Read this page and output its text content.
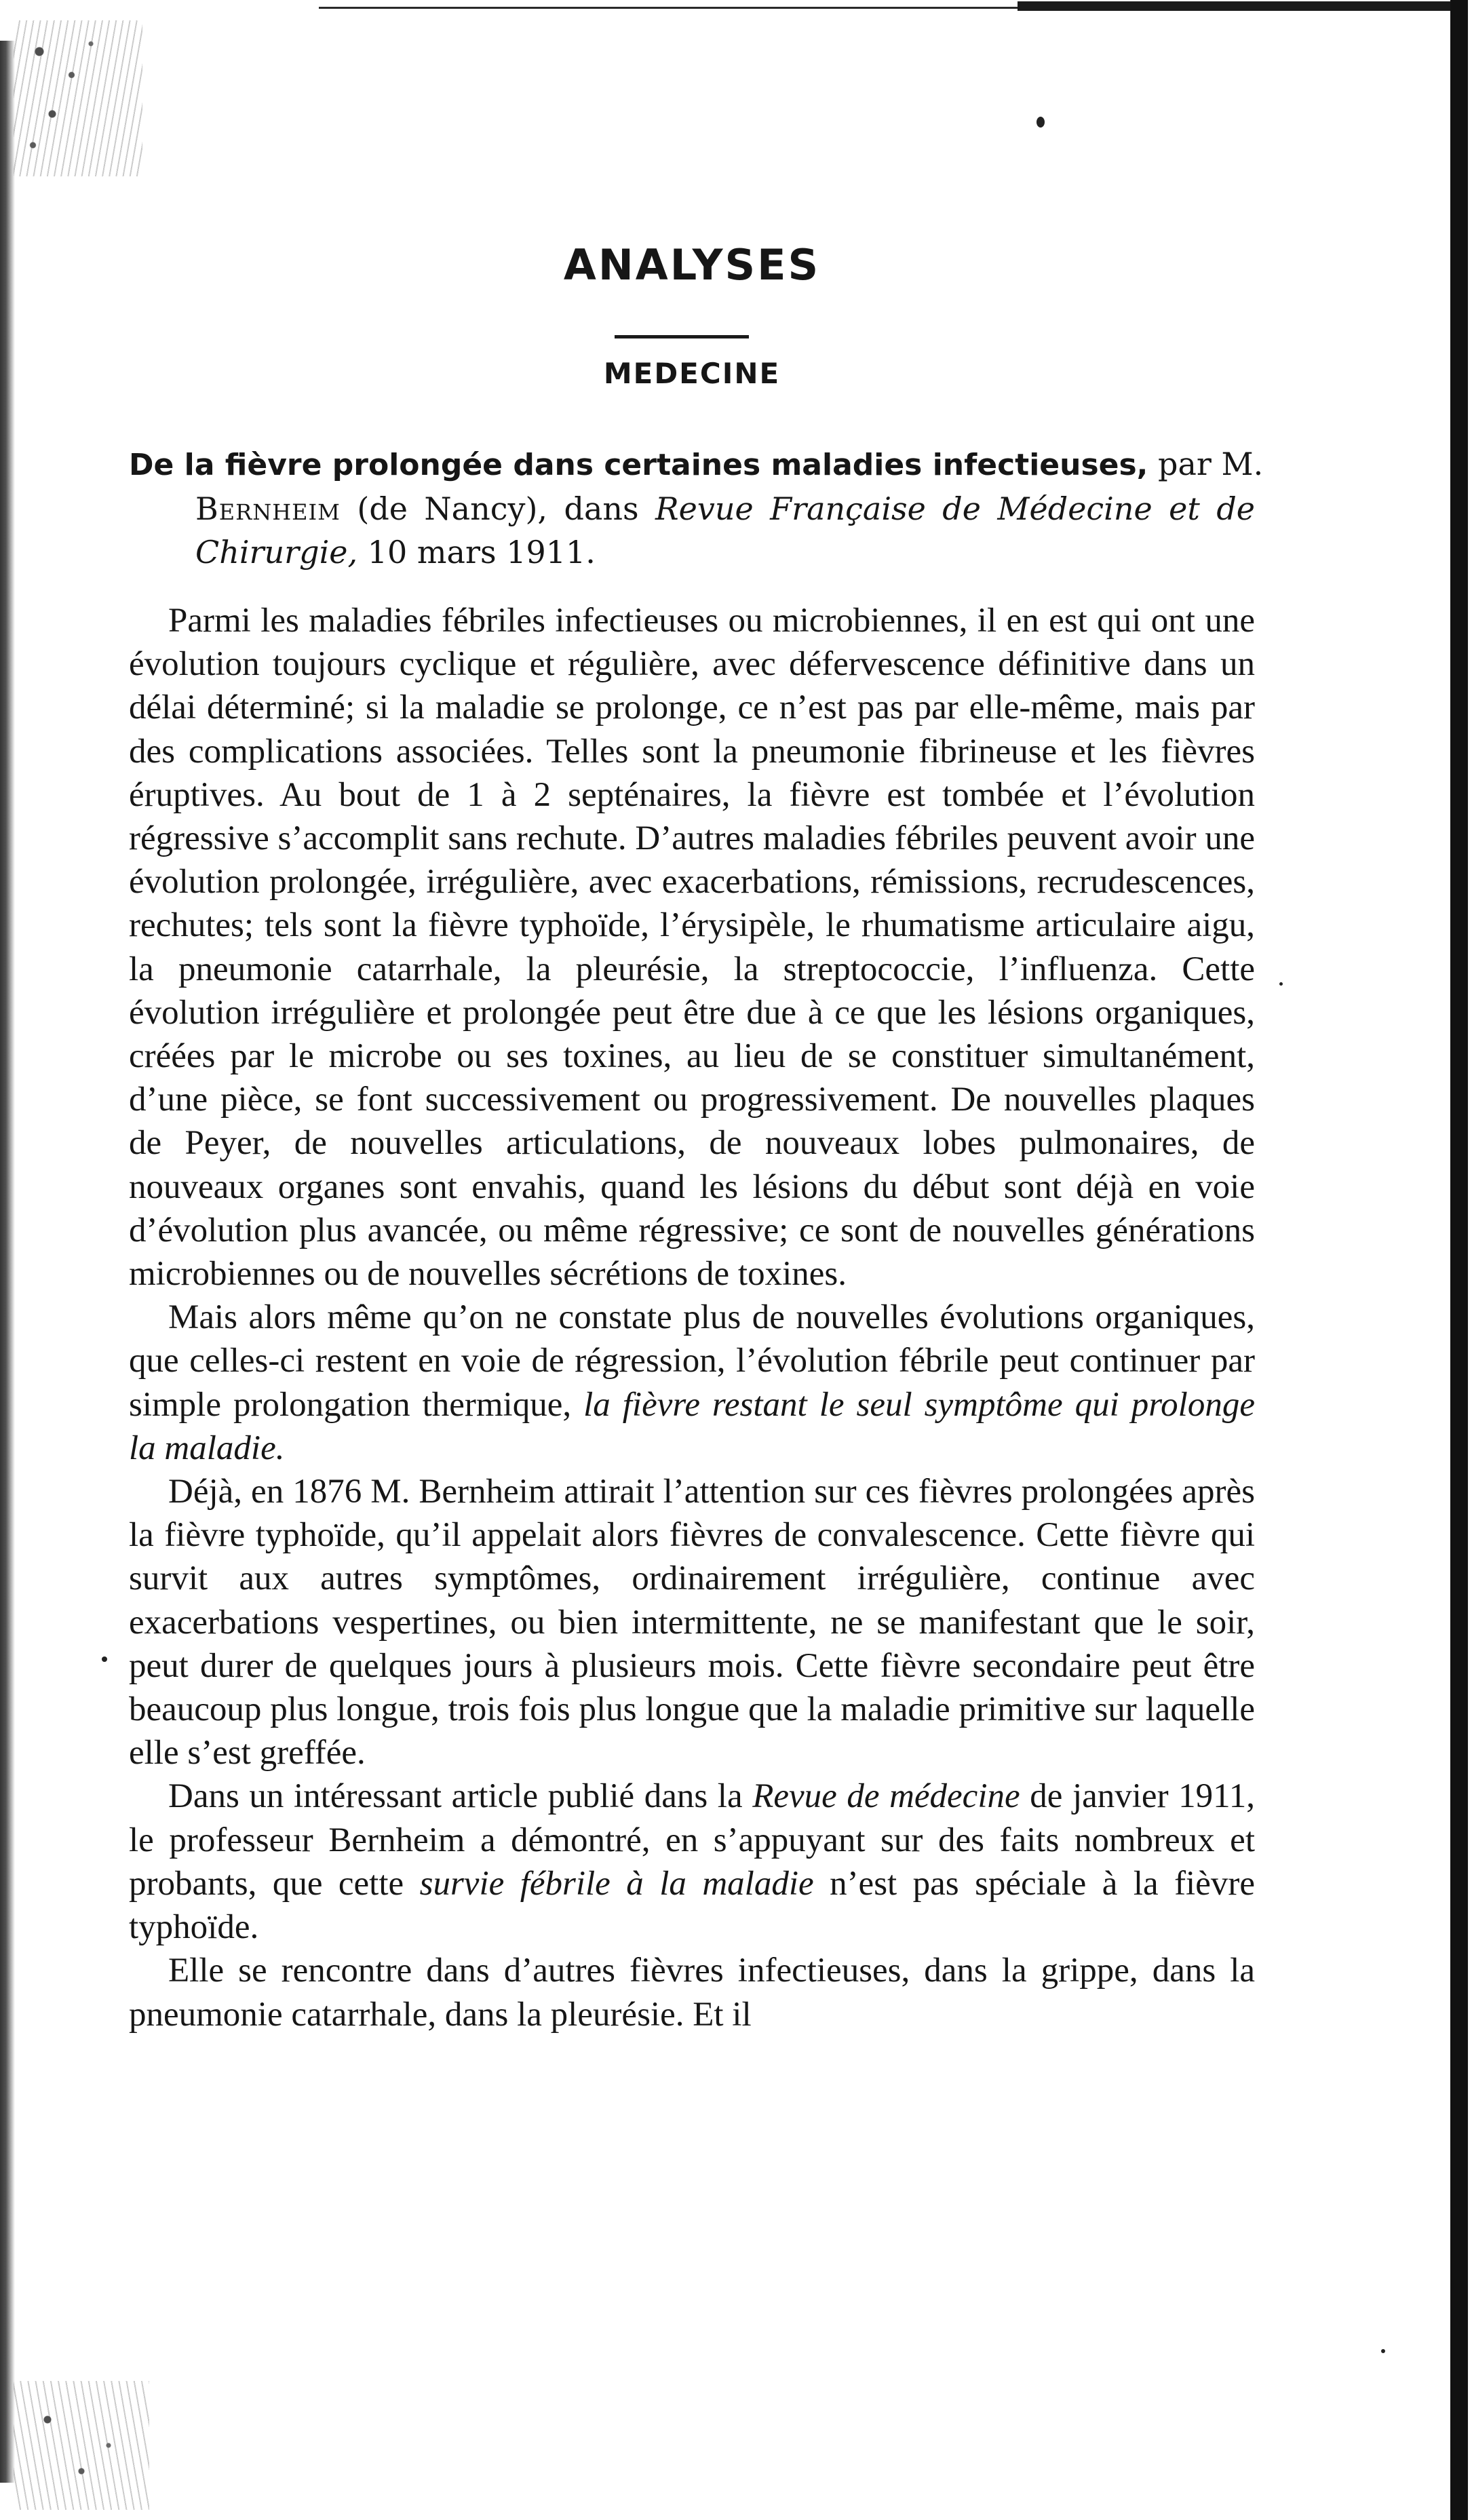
ANALYSES
MEDECINE
De la fièvre prolongée dans certaines maladies infectieuses, par M.
Bernheim (de Nancy), dans Revue Française de Médecine et de Chirurgie, 10 mars 1911.

Parmi les maladies fébriles infectieuses ou microbiennes, il en est qui ont une évolution toujours cyclique et régulière, avec défervescence définitive dans un délai déterminé; si la maladie se prolonge, ce n’est pas par elle-même, mais par des complications associées. Telles sont la pneumonie fibrineuse et les fièvres éruptives. Au bout de 1 à 2 septénaires, la fièvre est tombée et l’évolution régressive s’accomplit sans rechute. D’autres maladies fébriles peuvent avoir une évolution prolongée, irrégulière, avec exacerbations, rémissions, recrudescences, rechutes; tels sont la fièvre typhoïde, l’érysipèle, le rhumatisme articulaire aigu, la pneumonie catarrhale, la pleurésie, la streptococcie, l’influenza. Cette évolution irrégulière et prolongée peut être due à ce que les lésions organiques, créées par le microbe ou ses toxines, au lieu de se constituer simultanément, d’une pièce, se font successivement ou progressivement. De nouvelles plaques de Peyer, de nouvelles articulations, de nouveaux lobes pulmonaires, de nouveaux organes sont envahis, quand les lésions du début sont déjà en voie d’évolution plus avancée, ou même régressive; ce sont de nouvelles générations microbiennes ou de nouvelles sécrétions de toxines.

Mais alors même qu’on ne constate plus de nouvelles évolutions organiques, que celles-ci restent en voie de régression, l’évolution fébrile peut continuer par simple prolongation thermique, la fièvre restant le seul symptôme qui prolonge la maladie.

Déjà, en 1876 M. Bernheim attirait l’attention sur ces fièvres prolongées après la fièvre typhoïde, qu’il appelait alors fièvres de convalescence. Cette fièvre qui survit aux autres symptômes, ordinairement irrégulière, continue avec exacerbations vespertines, ou bien intermittente, ne se manifestant que le soir, peut durer de quelques jours à plusieurs mois. Cette fièvre secondaire peut être beaucoup plus longue, trois fois plus longue que la maladie primitive sur laquelle elle s’est greffée.

Dans un intéressant article publié dans la Revue de médecine de janvier 1911, le professeur Bernheim a démontré, en s’appuyant sur des faits nombreux et probants, que cette survie fébrile à la maladie n’est pas spéciale à la fièvre typhoïde.

Elle se rencontre dans d’autres fièvres infectieuses, dans la grippe, dans la pneumonie catarrhale, dans la pleurésie. Et il
